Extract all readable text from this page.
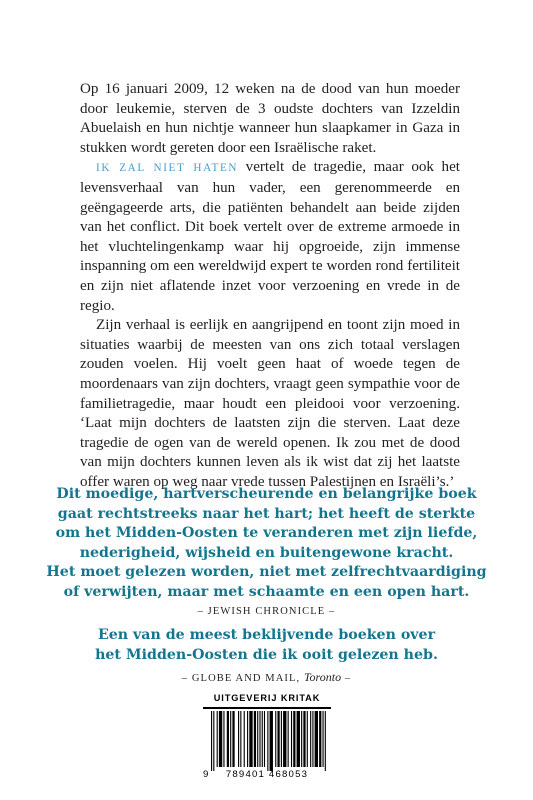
Op 16 januari 2009, 12 weken na de dood van hun moeder door leukemie, sterven de 3 oudste dochters van Izzeldin Abuelaish en hun nichtje wanneer hun slaapkamer in Gaza in stukken wordt gereten door een Israëlische raket.

IK ZAL NIET HATEN vertelt de tragedie, maar ook het levensverhaal van hun vader, een gerenommeerde en geëngageerde arts, die patiënten behandelt aan beide zijden van het conflict. Dit boek vertelt over de extreme armoede in het vluchtelingenkamp waar hij opgroeide, zijn immense inspanning om een wereldwijd expert te worden rond fertiliteit en zijn niet aflatende inzet voor verzoening en vrede in de regio.

Zijn verhaal is eerlijk en aangrijpend en toont zijn moed in situaties waarbij de meesten van ons zich totaal verslagen zouden voelen. Hij voelt geen haat of woede tegen de moordenaars van zijn dochters, vraagt geen sympathie voor de familietragedie, maar houdt een pleidooi voor verzoening. ‘Laat mijn dochters de laatsten zijn die sterven. Laat deze tragedie de ogen van de wereld openen. Ik zou met de dood van mijn dochters kunnen leven als ik wist dat zij het laatste offer waren op weg naar vrede tussen Palestijnen en Israëli’s.’

Dit moedige, hartverscheurende en belangrijke boek
gaat rechtstreeks naar het hart; het heeft de sterkte
om het Midden-Oosten te veranderen met zijn liefde,
nederigheid, wijsheid en buitengewone kracht.
Het moet gelezen worden, niet met zelfrechtvaardiging
of verwijten, maar met schaamte en een open hart.
– JEWISH CHRONICLE –
Een van de meest beklijvende boeken over
het Midden-Oosten die ik ooit gelezen heb.
– GLOBE AND MAIL, Toronto –
UITGEVERIJ KRITAK
9 789401 468053
